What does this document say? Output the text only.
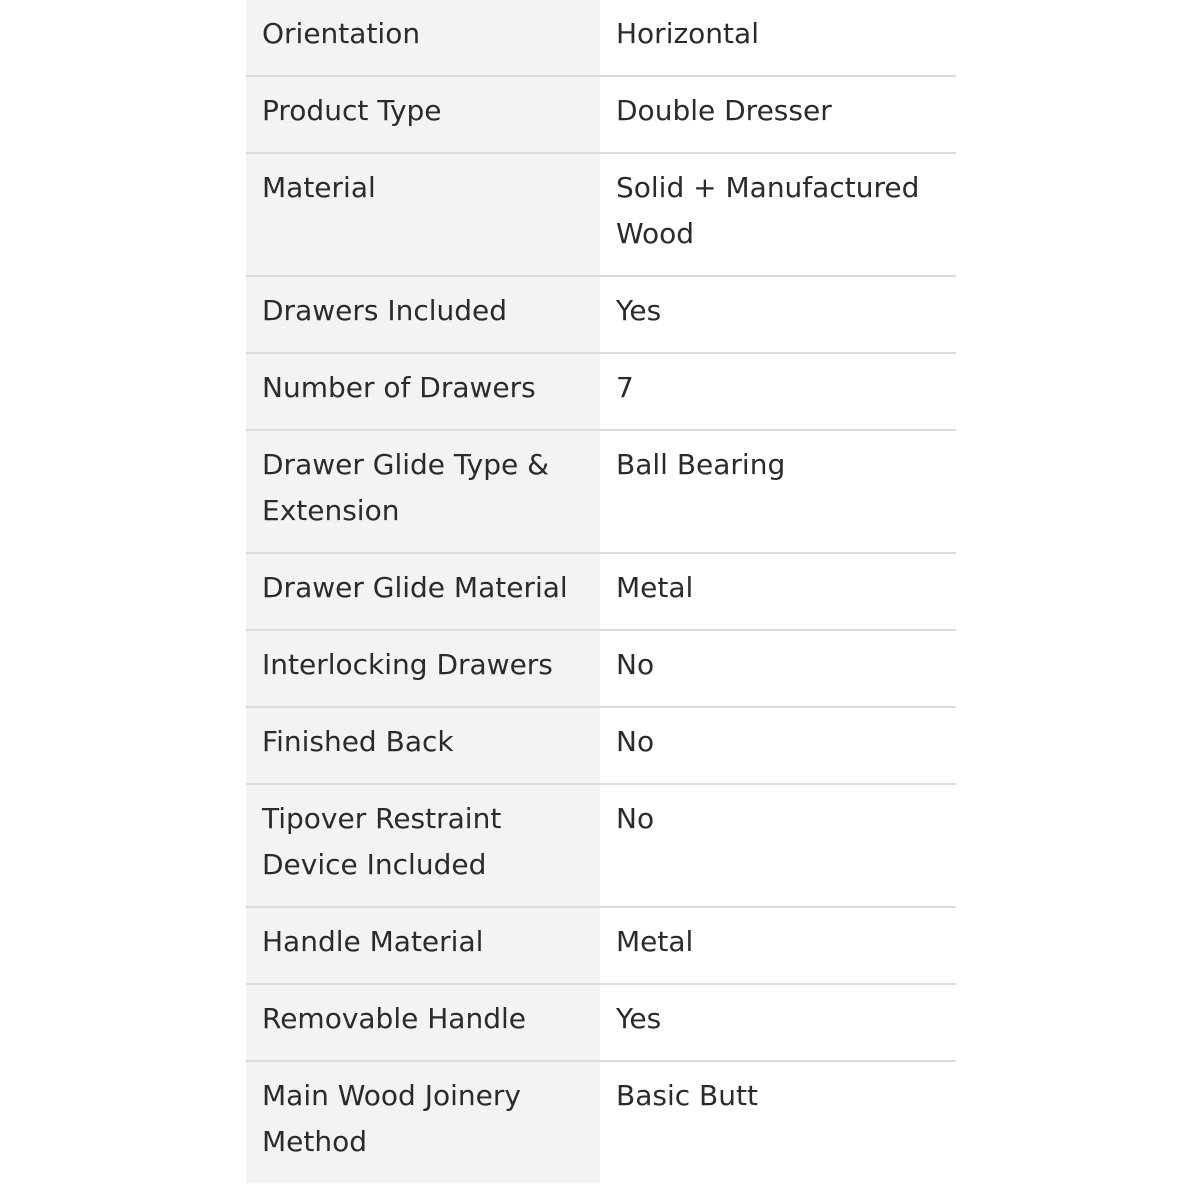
Orientation	Horizontal
Product Type	Double Dresser
Material	Solid + Manufactured Wood
Drawers Included	Yes
Number of Drawers	7
Drawer Glide Type & Extension	Ball Bearing
Drawer Glide Material	Metal
Interlocking Drawers	No
Finished Back	No
Tipover Restraint Device Included	No
Handle Material	Metal
Removable Handle	Yes
Main Wood Joinery Method	Basic Butt
